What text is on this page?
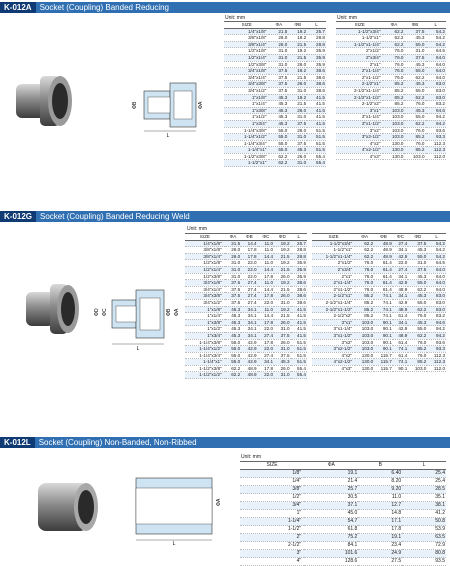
K-012A Socket (Coupling) Banded Reducing
K-012G Socket (Coupling) Banded Reducing Weld
K-012L Socket (Coupling) Non-Banded, Non-Ribbed
L
ΦB	ΦA
Unit: mm
SIZE	ΦA	ΦB	L
1/4"x1/8"	21.5	19.2	25.7
3/8"x1/8"	26.0	19.2	28.8
3/8"x1/4"	26.0	21.5	28.8
1/2"x1/8"	31.0	19.2	35.9
1/2"x1/4"	31.0	21.5	35.9
1/2"x3/8"	31.0	26.0	35.9
3/4"x1/8"	37.5	19.2	38.6
3/4"x1/4"	37.5	21.5	38.6
3/4"x3/8"	37.5	26.0	38.6
3/4"x1/2"	37.5	31.0	38.6
1"x1/8"	45.3	19.2	41.5
1"x1/4"	45.3	21.5	41.5
1"x3/8"	45.3	26.0	41.5
1"x1/2"	45.3	31.0	41.5
1"x3/4"	45.3	37.5	41.5
1-1/4"x3/8"	55.0	26.0	51.5
1-1/4"x1/2"	55.0	31.0	51.5
1-1/4"x3/4"	55.0	37.5	51.5
1-1/4"x1"	55.0	45.3	51.5
1-1/2"x3/8"	62.2	26.0	55.4
1-1/2"x1"	62.2	31.0	55.4
Unit: mm
SIZE	ΦA	ΦB	L
1-1/2"x3/4"	62.2	37.5	54.2
1-1/2"x1"	62.2	45.3	54.2
1-1/2"x1-1/4"	62.2	55.0	54.2
2"x1/2"	76.0	31.0	64.5
2"x3/4"	76.0	37.5	64.0
2"x1"	76.0	45.3	64.0
2"x1-1/4"	76.0	55.0	64.0
2"x1-1/2"	76.0	62.2	64.0
2-1/2"x1"	85.2	45.3	83.0
2-1/2"x1-1/4"	85.2	55.0	83.0
2-1/2"x1-1/2"	85.2	62.2	83.0
2-1/2"x2"	85.2	76.0	83.2
3"x1"	103.0	45.3	94.6
3"x1-1/4"	103.0	55.0	94.2
3"x1-1/2"	103.0	62.2	94.2
3"x2"	103.0	76.0	93.6
3"x2-1/2"	103.0	85.2	93.3
4"x2"	130.0	76.0	112.3
4"x2-1/2"	130.0	85.2	112.3
4"x3"	130.0	103.0	112.0
L
ΦD ΦC	ΦB ΦA
Unit: mm
SIZE	ΦA	ΦB	ΦC	ΦD	L
1/4"x1/8"	21.5	14.4	11.0	19.2	25.7
3/8"x1/8"	26.0	17.8	11.0	19.2	28.8
3/8"x1/4"	26.0	17.8	14.4	21.5	28.8
1/2"x1/8"	31.0	22.0	11.0	19.2	35.9
1/2"x1/4"	31.0	22.0	14.4	21.5	35.9
1/2"x3/8"	31.0	22.0	17.8	26.0	35.9
3/4"x1/8"	37.5	27.4	11.0	19.2	38.6
3/4"x1/4"	37.5	27.4	14.4	21.5	38.6
3/4"x3/8"	37.5	27.4	17.8	26.0	38.6
3/4"x1/2"	37.5	27.4	22.0	31.0	38.6
1"x1/8"	45.3	34.1	11.0	19.2	41.5
1"x1/4"	45.3	34.1	14.4	21.5	41.5
1"x3/8"	45.3	34.1	17.8	26.0	41.5
1"x1/2"	45.3	34.1	22.0	31.0	41.5
1"x3/4"	45.3	34.1	27.4	37.5	41.5
1-1/4"x3/8"	55.0	42.9	17.8	26.0	51.5
1-1/4"x1/2"	55.0	42.9	22.0	31.0	51.5
1-1/4"x3/4"	55.0	42.9	27.4	37.5	51.5
1-1/4"x1"	55.0	42.9	34.1	45.3	51.5
1-1/2"x3/8"	62.2	48.9	17.8	26.0	55.4
1-1/2"x1/2"	62.2	48.9	22.0	31.0	55.4
SIZE	ΦA	ΦB	ΦC	ΦD	L
1-1/2"x3/4"	62.2	48.9	27.4	37.5	54.2
1-1/2"x1"	62.2	48.9	34.1	45.3	54.2
1-1/2"x1-1/4"	62.2	48.9	42.9	55.0	54.2
2"x1/2"	76.0	61.4	22.0	31.0	64.5
2"x3/4"	76.0	61.4	27.4	37.5	64.0
2"x1"	76.0	61.4	34.1	45.3	64.0
2"x1-1/4"	76.0	61.4	42.9	55.0	64.0
2"x1-1/2"	76.0	61.4	48.9	62.2	64.0
2-1/2"x1"	85.2	74.1	34.1	45.3	83.0
2-1/2"x1-1/4"	85.2	74.1	42.9	55.0	83.0
2-1/2"x1-1/2"	85.2	74.1	48.9	62.2	83.0
2-1/2"x2"	85.2	74.1	61.4	76.0	83.2
3"x1"	103.0	90.1	34.1	45.3	94.6
3"x1-1/4"	103.0	90.1	42.9	55.0	94.2
3"x1-1/2"	103.0	90.1	48.9	62.2	94.2
3"x2"	103.0	90.1	61.4	76.0	93.6
3"x2-1/2"	103.0	90.1	74.1	85.2	93.3
4"x2"	130.0	115.7	61.4	76.0	112.3
4"x2-1/2"	130.0	115.7	74.1	85.2	112.3
4"x3"	130.0	115.7	90.1	103.0	112.0
L
ΦA
Unit: mm
SIZE	ΦA	B	L
1/8"	19.1	6.40	25.4
1/4"	21.4	8.20	25.4
3/8"	25.7	9.20	28.5
1/2"	30.5	11.0	35.1
3/4"	37.1	12.7	38.1
1"	45.0	14.8	41.2
1-1/4"	54.7	17.1	50.8
1-1/2"	61.8	17.8	53.9
2"	75.2	19.1	63.5
2-1/2"	84.1	23.4	72.9
3"	101.6	24.9	80.8
4"	128.6	27.5	93.5
